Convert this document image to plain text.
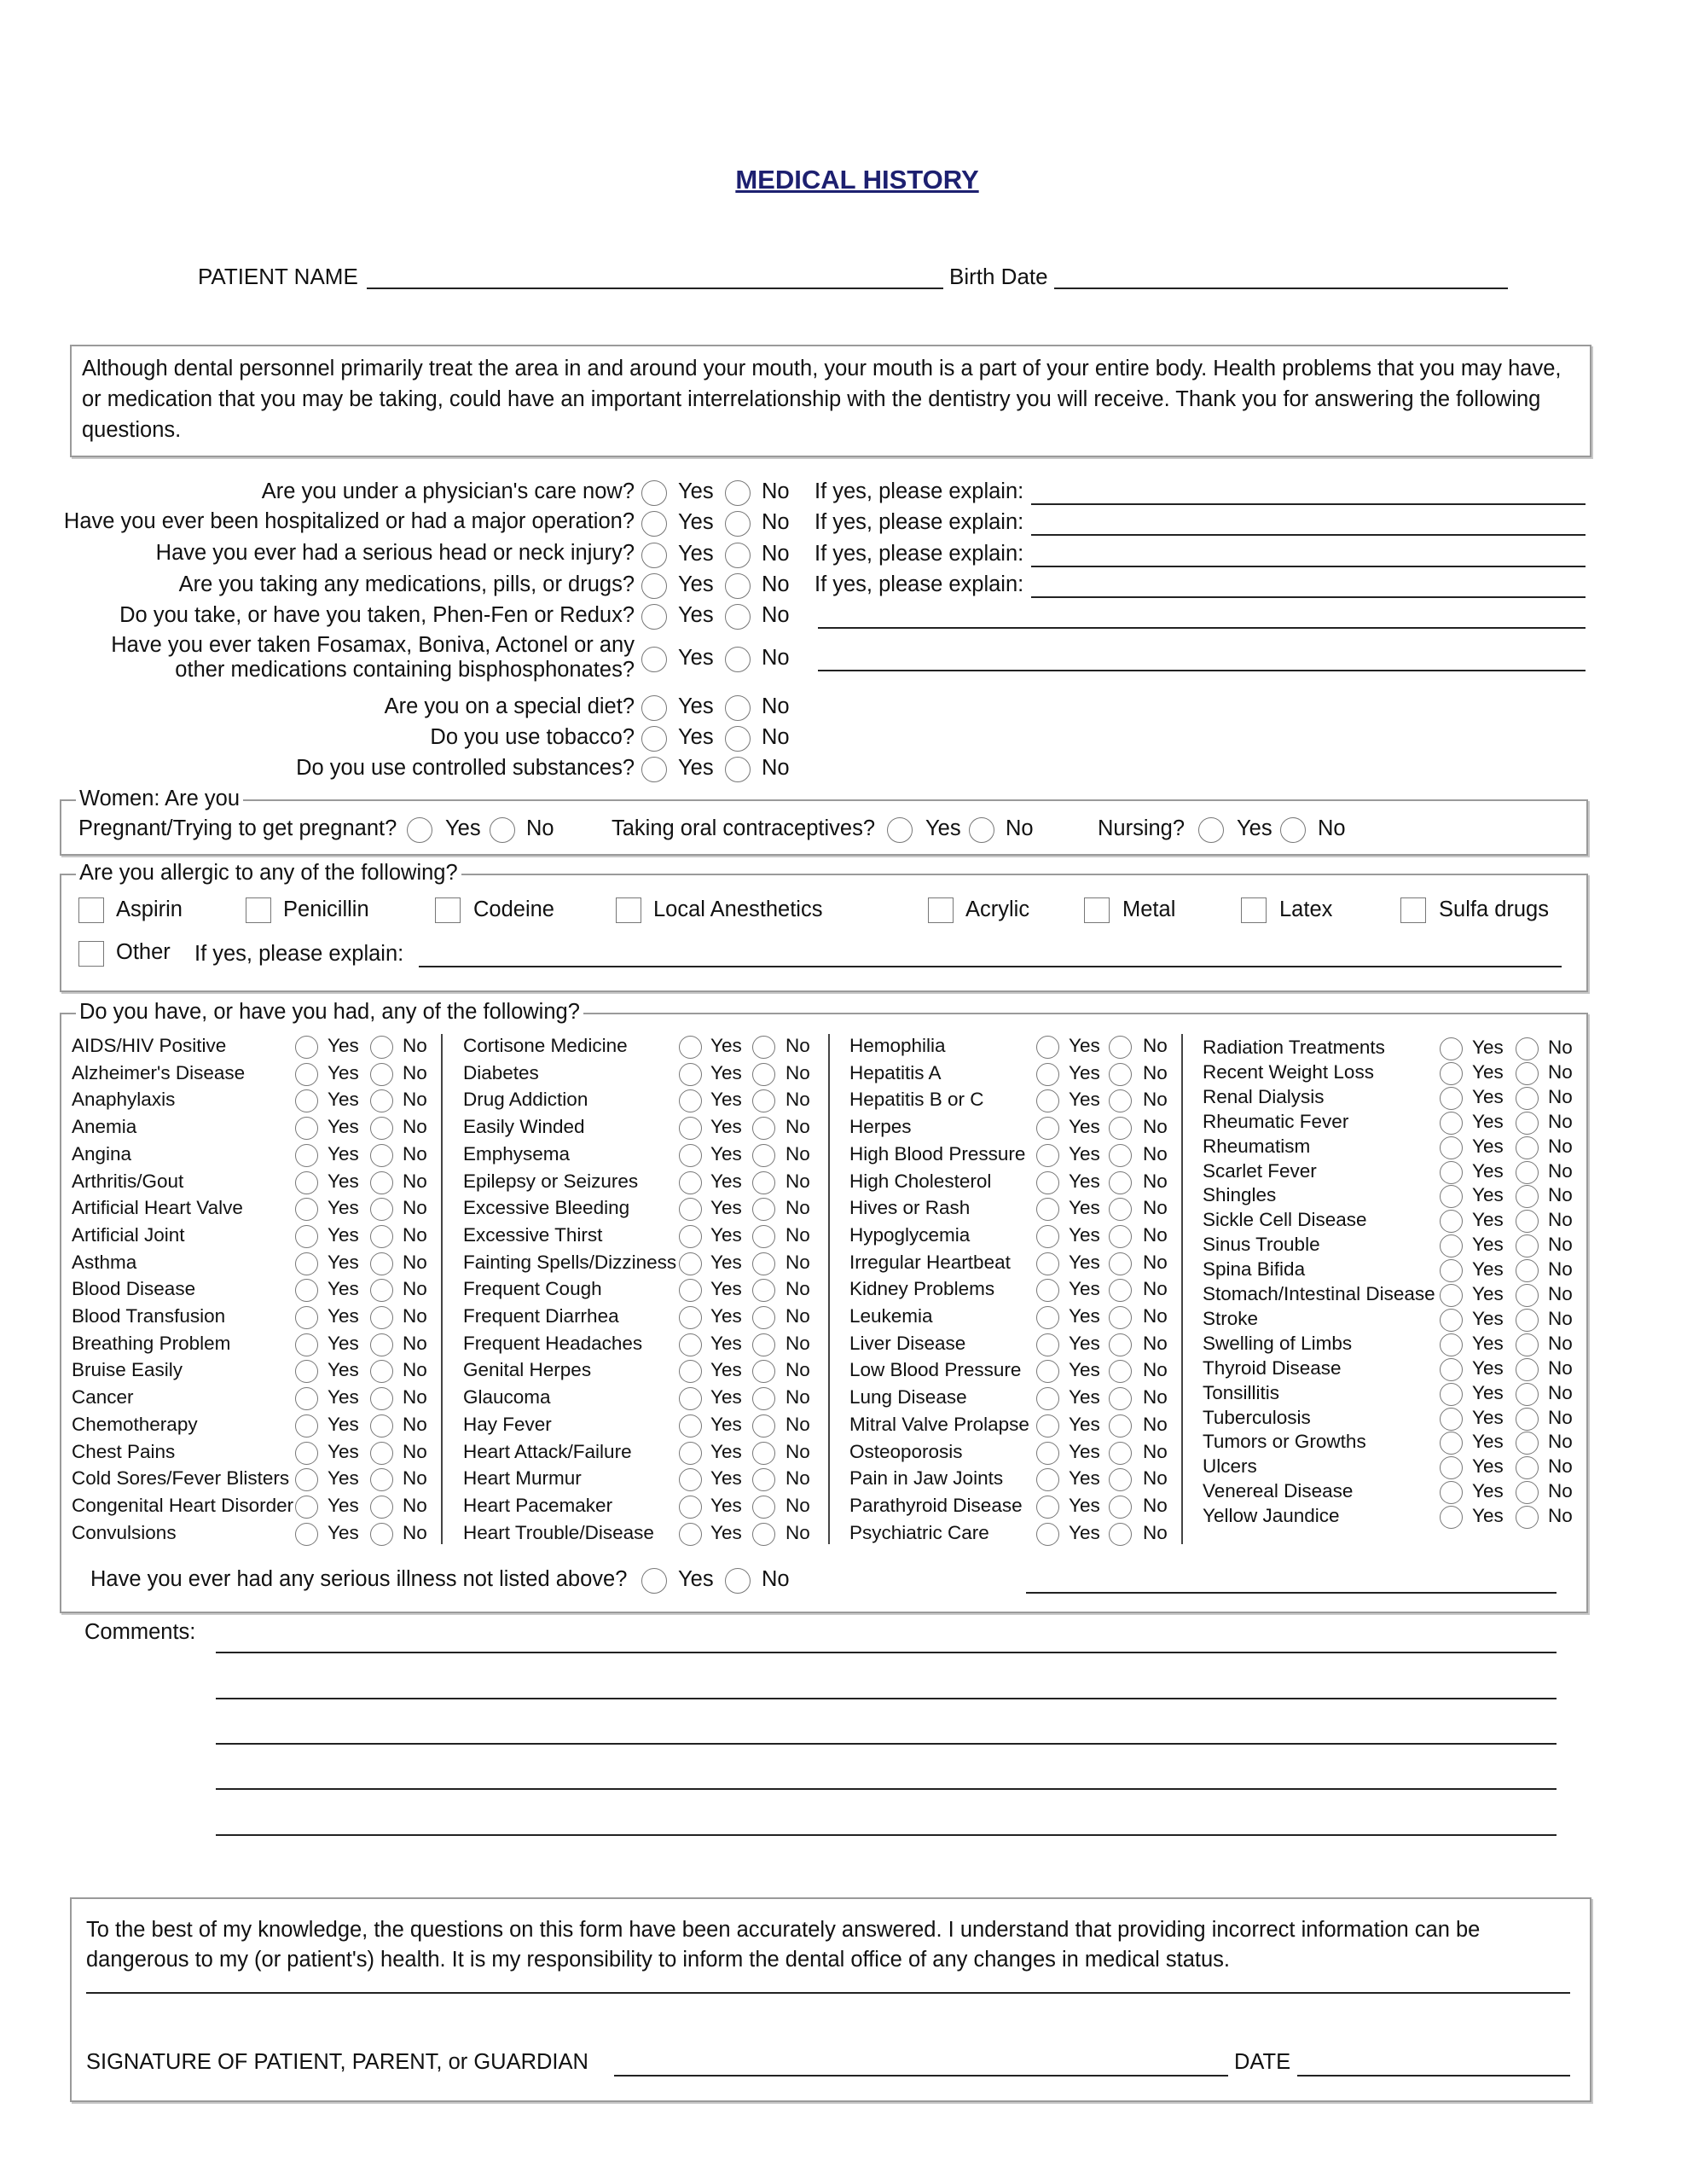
MEDICAL HISTORY
PATIENT NAME	Birth Date
Although dental personnel primarily treat the area in and around your mouth, your mouth is a part of your entire body. Health problems that you may have, or medication that you may be taking, could have an important interrelationship with the dentistry you will receive. Thank you for answering the following questions.
Are you under a physician's care now? Yes No If yes, please explain:
Have you ever been hospitalized or had a major operation? Yes No If yes, please explain:
Have you ever had a serious head or neck injury? Yes No If yes, please explain:
Are you taking any medications, pills, or drugs? Yes No If yes, please explain:
Do you take, or have you taken, Phen-Fen or Redux? Yes No
Have you ever taken Fosamax, Boniva, Actonel or any
other medications containing bisphosphonates? Yes No
Are you on a special diet? Yes No
Do you use tobacco? Yes No
Do you use controlled substances? Yes No
Women: Are you
Pregnant/Trying to get pregnant? Yes No	Taking oral contraceptives? Yes No	Nursing? Yes No
Are you allergic to any of the following?
Aspirin	Penicillin	Codeine	Local Anesthetics	Acrylic	Metal	Latex	Sulfa drugs
Other If yes, please explain:
Do you have, or have you had, any of the following?
AIDS/HIV Positive	Yes No
Alzheimer's Disease	Yes No
Anaphylaxis	Yes No
Anemia	Yes No
Angina	Yes No
Arthritis/Gout	Yes No
Artificial Heart Valve	Yes No
Artificial Joint	Yes No
Asthma	Yes No
Blood Disease	Yes No
Blood Transfusion	Yes No
Breathing Problem	Yes No
Bruise Easily	Yes No
Cancer	Yes No
Chemotherapy	Yes No
Chest Pains	Yes No
Cold Sores/Fever Blisters Yes No
Congenital Heart Disorder Yes No
Convulsions	Yes No
Cortisone Medicine	Yes No
Diabetes	Yes No
Drug Addiction	Yes No
Easily Winded	Yes No
Emphysema	Yes No
Epilepsy or Seizures	Yes No
Excessive Bleeding	Yes No
Excessive Thirst	Yes No
Fainting Spells/Dizziness Yes No
Frequent Cough	Yes No
Frequent Diarrhea	Yes No
Frequent Headaches	Yes No
Genital Herpes	Yes No
Glaucoma	Yes No
Hay Fever	Yes No
Heart Attack/Failure	Yes No
Heart Murmur	Yes No
Heart Pacemaker	Yes No
Heart Trouble/Disease	Yes No
Hemophilia	Yes No
Hepatitis A	Yes No
Hepatitis B or C	Yes No
Herpes	Yes No
High Blood Pressure Yes No
High Cholesterol	Yes No
Hives or Rash	Yes No
Hypoglycemia	Yes No
Irregular Heartbeat	Yes No
Kidney Problems	Yes No
Leukemia	Yes No
Liver Disease	Yes No
Low Blood Pressure Yes No
Lung Disease	Yes No
Mitral Valve Prolapse Yes No
Osteoporosis	Yes No
Pain in Jaw Joints	Yes No
Parathyroid Disease Yes No
Psychiatric Care	Yes No
Radiation Treatments	Yes No
Recent Weight Loss	Yes No
Renal Dialysis	Yes No
Rheumatic Fever	Yes No
Rheumatism	Yes No
Scarlet Fever	Yes No
Shingles	Yes No
Sickle Cell Disease	Yes No
Sinus Trouble	Yes No
Spina Bifida	Yes No
Stomach/Intestinal Disease Yes No
Stroke	Yes No
Swelling of Limbs	Yes No
Thyroid Disease	Yes No
Tonsillitis	Yes No
Tuberculosis	Yes No
Tumors or Growths	Yes No
Ulcers	Yes No
Venereal Disease	Yes No
Yellow Jaundice	Yes No
Have you ever had any serious illness not listed above? Yes No
Comments:
To the best of my knowledge, the questions on this form have been accurately answered. I understand that providing incorrect information can be dangerous to my (or patient's) health. It is my responsibility to inform the dental office of any changes in medical status.
SIGNATURE OF PATIENT, PARENT, or GUARDIAN	DATE
